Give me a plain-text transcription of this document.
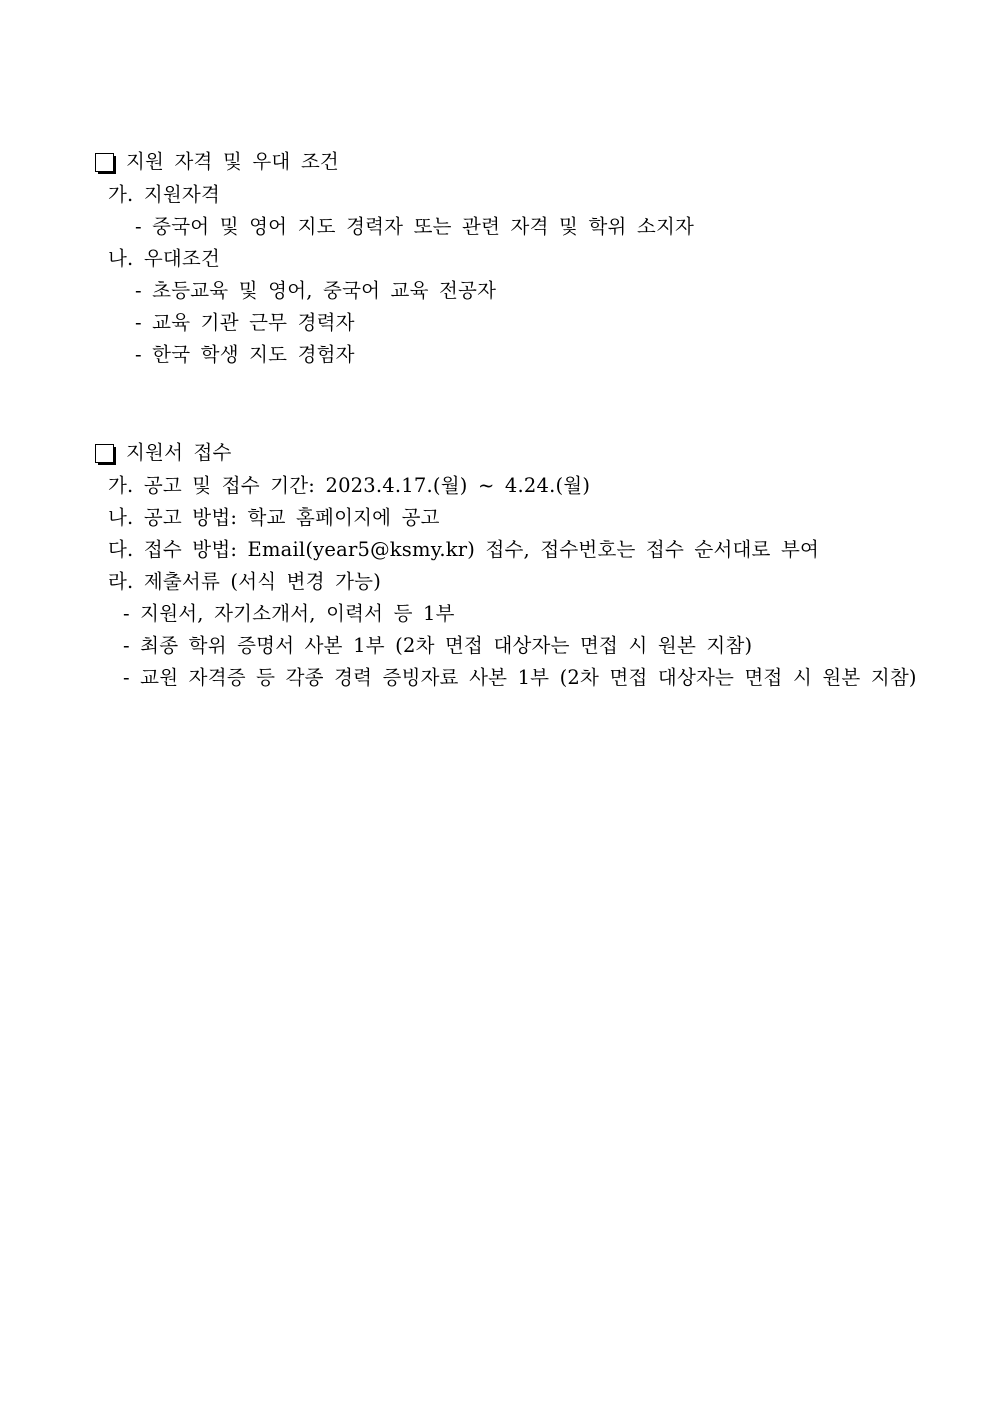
지원 자격 및 우대 조건
가. 지원자격
- 중국어 및 영어 지도 경력자 또는 관련 자격 및 학위 소지자
나. 우대조건
- 초등교육 및 영어, 중국어 교육 전공자
- 교육 기관 근무 경력자
- 한국 학생 지도 경험자
지원서 접수
가. 공고 및 접수 기간: 2023.4.17.(월) ~ 4.24.(월)
나. 공고 방법: 학교 홈페이지에 공고
다. 접수 방법: Email(year5@ksmy.kr) 접수, 접수번호는 접수 순서대로 부여
라. 제출서류 (서식 변경 가능)
- 지원서, 자기소개서, 이력서 등 1부
- 최종 학위 증명서 사본 1부 (2차 면접 대상자는 면접 시 원본 지참)
- 교원 자격증 등 각종 경력 증빙자료 사본 1부 (2차 면접 대상자는 면접 시 원본 지참)
